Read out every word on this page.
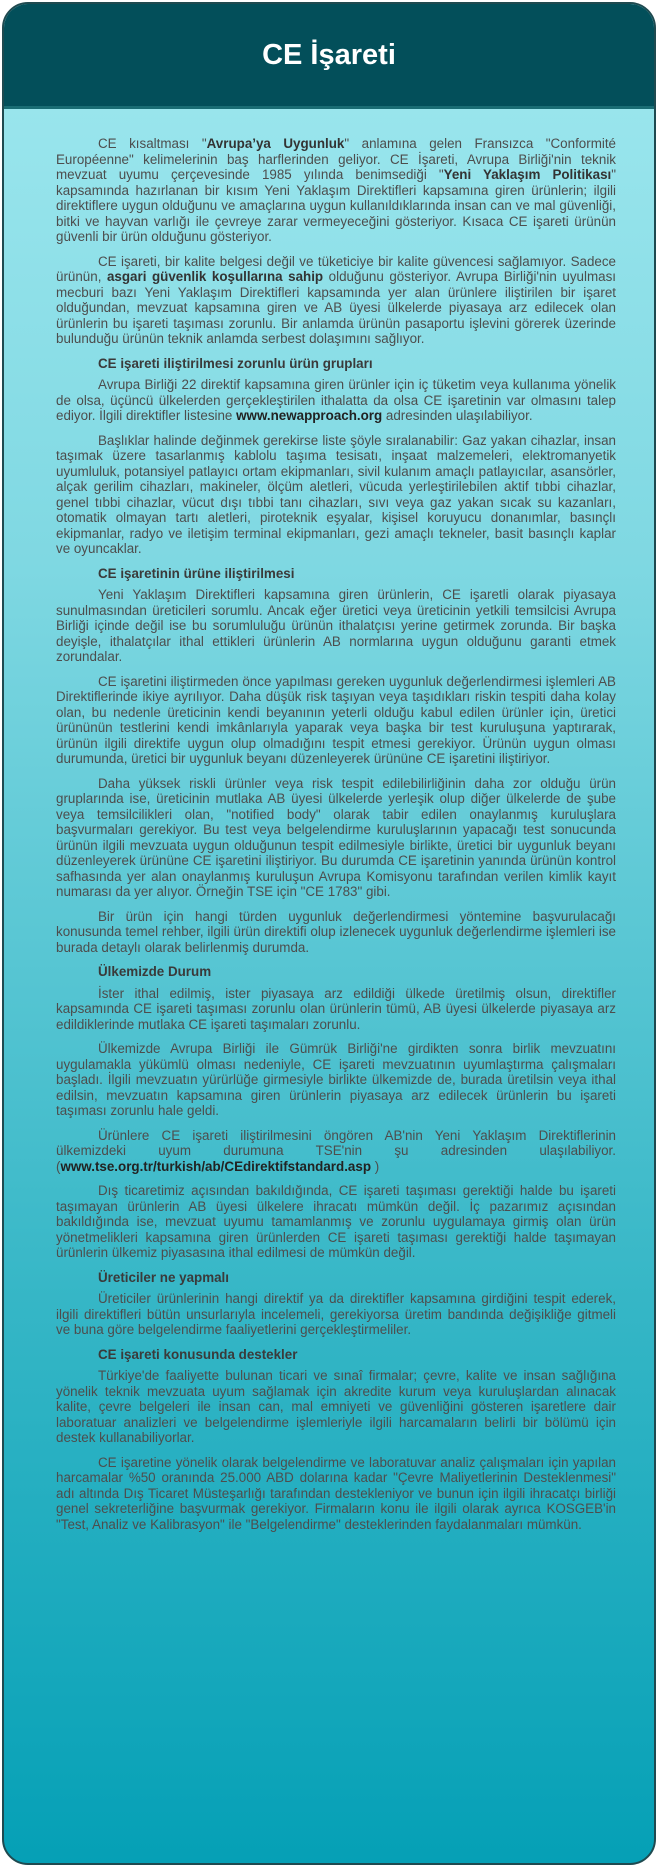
CE İşareti

CE kısaltması "Avrupa’ya Uygunluk" anlamına gelen Fransızca "Conformité Européenne" kelimelerinin baş harflerinden geliyor. CE İşareti, Avrupa Birliği'nin teknik mevzuat uyumu çerçevesinde 1985 yılında benimsediği "Yeni Yaklaşım Politikası" kapsamında hazırlanan bir kısım Yeni Yaklaşım Direktifleri kapsamına giren ürünlerin; ilgili direktiflere uygun olduğunu ve amaçlarına uygun kullanıldıklarında insan can ve mal güvenliği, bitki ve hayvan varlığı ile çevreye zarar vermeyeceğini gösteriyor. Kısaca CE işareti ürünün güvenli bir ürün olduğunu gösteriyor.

CE işareti, bir kalite belgesi değil ve tüketiciye bir kalite güvencesi sağlamıyor. Sadece ürünün, asgari güvenlik koşullarına sahip olduğunu gösteriyor. Avrupa Birliği'nin uyulması mecburi bazı Yeni Yaklaşım Direktifleri kapsamında yer alan ürünlere iliştirilen bir işaret olduğundan, mevzuat kapsamına giren ve AB üyesi ülkelerde piyasaya arz edilecek olan ürünlerin bu işareti taşıması zorunlu. Bir anlamda ürünün pasaportu işlevini görerek üzerinde bulunduğu ürünün teknik anlamda serbest dolaşımını sağlıyor.

CE işareti iliştirilmesi zorunlu ürün grupları

Avrupa Birliği 22 direktif kapsamına giren ürünler için iç tüketim veya kullanıma yönelik de olsa, üçüncü ülkelerden gerçekleştirilen ithalatta da olsa CE işaretinin var olmasını talep ediyor. İlgili direktifler listesine www.newapproach.org adresinden ulaşılabiliyor.

Başlıklar halinde değinmek gerekirse liste şöyle sıralanabilir: Gaz yakan cihazlar, insan taşımak üzere tasarlanmış kablolu taşıma tesisatı, inşaat malzemeleri, elektromanyetik uyumluluk, potansiyel patlayıcı ortam ekipmanları, sivil kulanım amaçlı patlayıcılar, asansörler, alçak gerilim cihazları, makineler, ölçüm aletleri, vücuda yerleştirilebilen aktif tıbbi cihazlar, genel tıbbi cihazlar, vücut dışı tıbbi tanı cihazları, sıvı veya gaz yakan sıcak su kazanları, otomatik olmayan tartı aletleri, piroteknik eşyalar, kişisel koruyucu donanımlar, basınçlı ekipmanlar, radyo ve iletişim terminal ekipmanları, gezi amaçlı tekneler, basit basınçlı kaplar ve oyuncaklar.

CE işaretinin ürüne iliştirilmesi

Yeni Yaklaşım Direktifleri kapsamına giren ürünlerin, CE işaretli olarak piyasaya sunulmasından üreticileri sorumlu. Ancak eğer üretici veya üreticinin yetkili temsilcisi Avrupa Birliği içinde değil ise bu sorumluluğu ürünün ithalatçısı yerine getirmek zorunda. Bir başka deyişle, ithalatçılar ithal ettikleri ürünlerin AB normlarına uygun olduğunu garanti etmek zorundalar.

CE işaretini iliştirmeden önce yapılması gereken uygunluk değerlendirmesi işlemleri AB Direktiflerinde ikiye ayrılıyor. Daha düşük risk taşıyan veya taşıdıkları riskin tespiti daha kolay olan, bu nedenle üreticinin kendi beyanının yeterli olduğu kabul edilen ürünler için, üretici ürününün testlerini kendi imkânlarıyla yaparak veya başka bir test kuruluşuna yaptırarak, ürünün ilgili direktife uygun olup olmadığını tespit etmesi gerekiyor. Ürünün uygun olması durumunda, üretici bir uygunluk beyanı düzenleyerek ürününe CE işaretini iliştiriyor.

Daha yüksek riskli ürünler veya risk tespit edilebilirliğinin daha zor olduğu ürün gruplarında ise, üreticinin mutlaka AB üyesi ülkelerde yerleşik olup diğer ülkelerde de şube veya temsilcilikleri olan, "notified body" olarak tabir edilen onaylanmış kuruluşlara başvurmaları gerekiyor. Bu test veya belgelendirme kuruluşlarının yapacağı test sonucunda ürünün ilgili mevzuata uygun olduğunun tespit edilmesiyle birlikte, üretici bir uygunluk beyanı düzenleyerek ürününe CE işaretini iliştiriyor. Bu durumda CE işaretinin yanında ürünün kontrol safhasında yer alan onaylanmış kuruluşun Avrupa Komisyonu tarafından verilen kimlik kayıt numarası da yer alıyor. Örneğin TSE için "CE 1783" gibi.

Bir ürün için hangi türden uygunluk değerlendirmesi yöntemine başvurulacağı konusunda temel rehber, ilgili ürün direktifi olup izlenecek uygunluk değerlendirme işlemleri ise burada detaylı olarak belirlenmiş durumda.

Ülkemizde Durum

İster ithal edilmiş, ister piyasaya arz edildiği ülkede üretilmiş olsun, direktifler kapsamında CE işareti taşıması zorunlu olan ürünlerin tümü, AB üyesi ülkelerde piyasaya arz edildiklerinde mutlaka CE işareti taşımaları zorunlu.

Ülkemizde Avrupa Birliği ile Gümrük Birliği'ne girdikten sonra birlik mevzuatını uygulamakla yükümlü olması nedeniyle, CE işareti mevzuatının uyumlaştırma çalışmaları başladı. İlgili mevzuatın yürürlüğe girmesiyle birlikte ülkemizde de, burada üretilsin veya ithal edilsin, mevzuatın kapsamına giren ürünlerin piyasaya arz edilecek ürünlerin bu işareti taşıması zorunlu hale geldi.

Ürünlere CE işareti iliştirilmesini öngören AB'nin Yeni Yaklaşım Direktiflerinin ülkemizdeki uyum durumuna TSE'nin şu adresinden ulaşılabiliyor. (www.tse.org.tr/turkish/ab/CEdirektifstandard.asp )

Dış ticaretimiz açısından bakıldığında, CE işareti taşıması gerektiği halde bu işareti taşımayan ürünlerin AB üyesi ülkelere ihracatı mümkün değil. İç pazarımız açısından bakıldığında ise, mevzuat uyumu tamamlanmış ve zorunlu uygulamaya girmiş olan ürün yönetmelikleri kapsamına giren ürünlerden CE işareti taşıması gerektiği halde taşımayan ürünlerin ülkemiz piyasasına ithal edilmesi de mümkün değil.

Üreticiler ne yapmalı

Üreticiler ürünlerinin hangi direktif ya da direktifler kapsamına girdiğini tespit ederek, ilgili direktifleri bütün unsurlarıyla incelemeli, gerekiyorsa üretim bandında değişikliğe gitmeli ve buna göre belgelendirme faaliyetlerini gerçekleştirmeliler.

CE işareti konusunda destekler

Türkiye'de faaliyette bulunan ticari ve sınaî firmalar; çevre, kalite ve insan sağlığına yönelik teknik mevzuata uyum sağlamak için akredite kurum veya kuruluşlardan alınacak kalite, çevre belgeleri ile insan can, mal emniyeti ve güvenliğini gösteren işaretlere dair laboratuar analizleri ve belgelendirme işlemleriyle ilgili harcamaların belirli bir bölümü için destek kullanabiliyorlar.

CE işaretine yönelik olarak belgelendirme ve laboratuvar analiz çalışmaları için yapılan harcamalar %50 oranında 25.000 ABD dolarına kadar "Çevre Maliyetlerinin Desteklenmesi" adı altında Dış Ticaret Müsteşarlığı tarafından destekleniyor ve bunun için ilgili ihracatçı birliği genel sekreterliğine başvurmak gerekiyor. Firmaların konu ile ilgili olarak ayrıca KOSGEB'in "Test, Analiz ve Kalibrasyon" ile "Belgelendirme" desteklerinden faydalanmaları mümkün.
